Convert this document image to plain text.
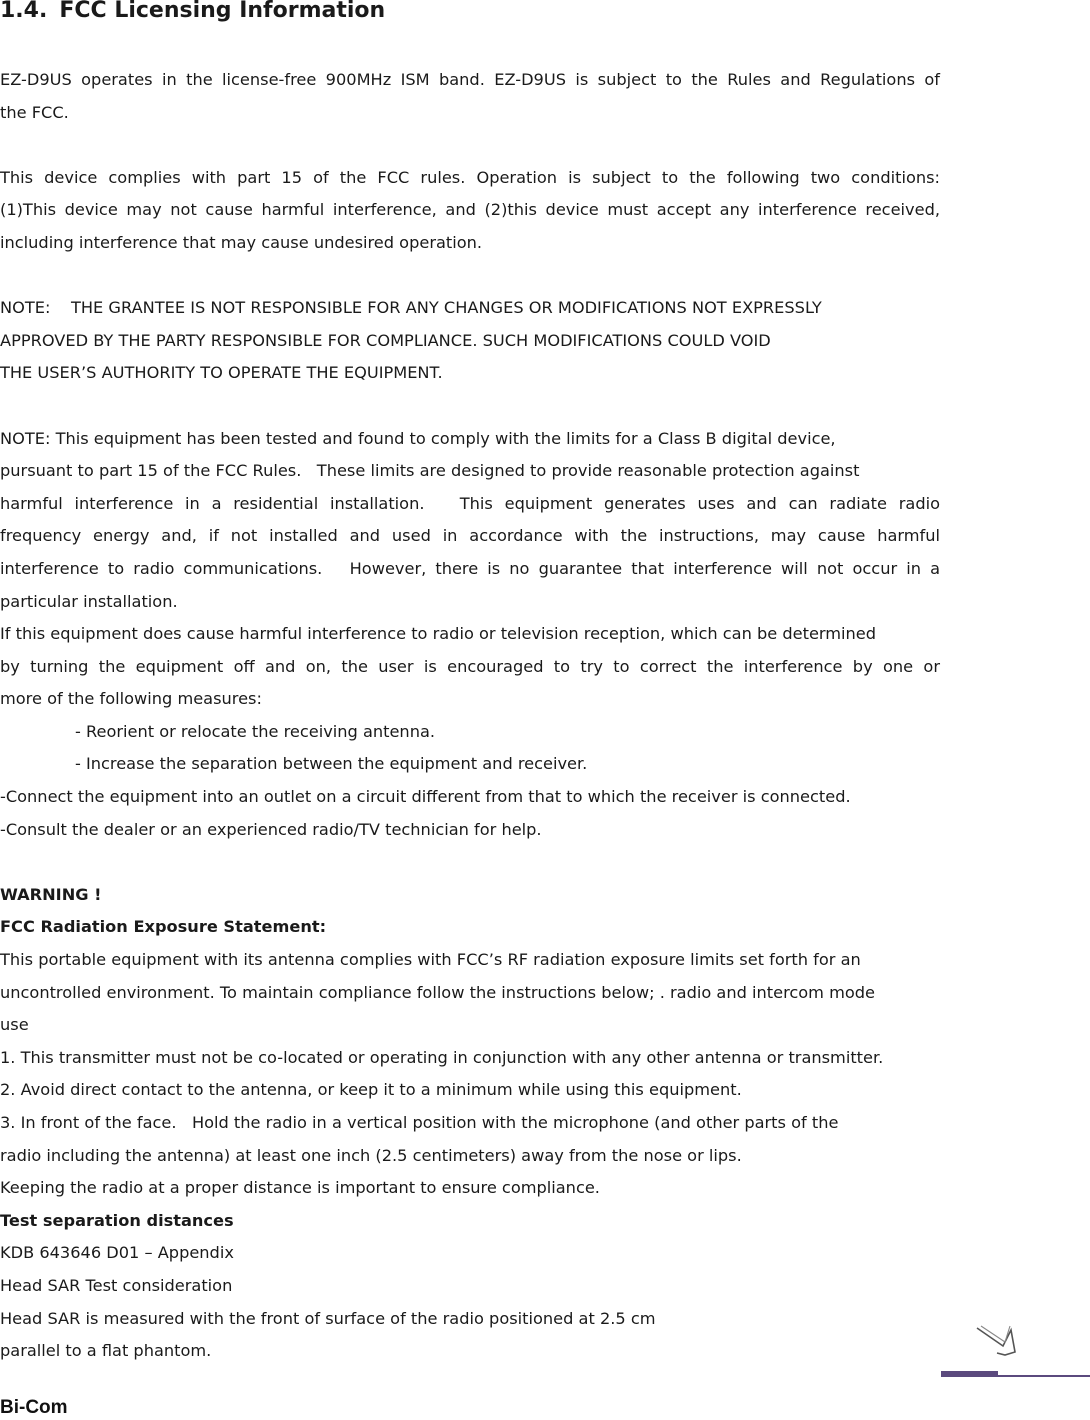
1.4. FCC Licensing Information

EZ-D9US operates in the license-free 900MHz ISM band. EZ-D9US is subject to the Rules and Regulations of

the FCC.

This device complies with part 15 of the FCC rules. Operation is subject to the following two conditions:

(1)This device may not cause harmful interference, and (2)this device must accept any interference received,

including interference that may cause undesired operation.

NOTE:    THE GRANTEE IS NOT RESPONSIBLE FOR ANY CHANGES OR MODIFICATIONS NOT EXPRESSLY

APPROVED BY THE PARTY RESPONSIBLE FOR COMPLIANCE. SUCH MODIFICATIONS COULD VOID

THE USER’S AUTHORITY TO OPERATE THE EQUIPMENT.

NOTE: This equipment has been tested and found to comply with the limits for a Class B digital device,

pursuant to part 15 of the FCC Rules.   These limits are designed to provide reasonable protection against

harmful interference in a residential installation.   This equipment generates uses and can radiate radio

frequency energy and, if not installed and used in accordance with the instructions, may cause harmful

interference to radio communications.   However, there is no guarantee that interference will not occur in a

particular installation.

If this equipment does cause harmful interference to radio or television reception, which can be determined

by turning the equipment off and on, the user is encouraged to try to correct the interference by one or

more of the following measures:

- Reorient or relocate the receiving antenna.

- Increase the separation between the equipment and receiver.

-Connect the equipment into an outlet on a circuit different from that to which the receiver is connected.

-Consult the dealer or an experienced radio/TV technician for help.

WARNING !

FCC Radiation Exposure Statement:

This portable equipment with its antenna complies with FCC’s RF radiation exposure limits set forth for an

uncontrolled environment. To maintain compliance follow the instructions below; . radio and intercom mode

use

1. This transmitter must not be co-located or operating in conjunction with any other antenna or transmitter.

2. Avoid direct contact to the antenna, or keep it to a minimum while using this equipment.

3. In front of the face.   Hold the radio in a vertical position with the microphone (and other parts of the

radio including the antenna) at least one inch (2.5 centimeters) away from the nose or lips.

Keeping the radio at a proper distance is important to ensure compliance.

Test separation distances

KDB 643646 D01 – Appendix

Head SAR Test consideration

Head SAR is measured with the front of surface of the radio positioned at 2.5 cm

parallel to a flat phantom.

Bi-Com
